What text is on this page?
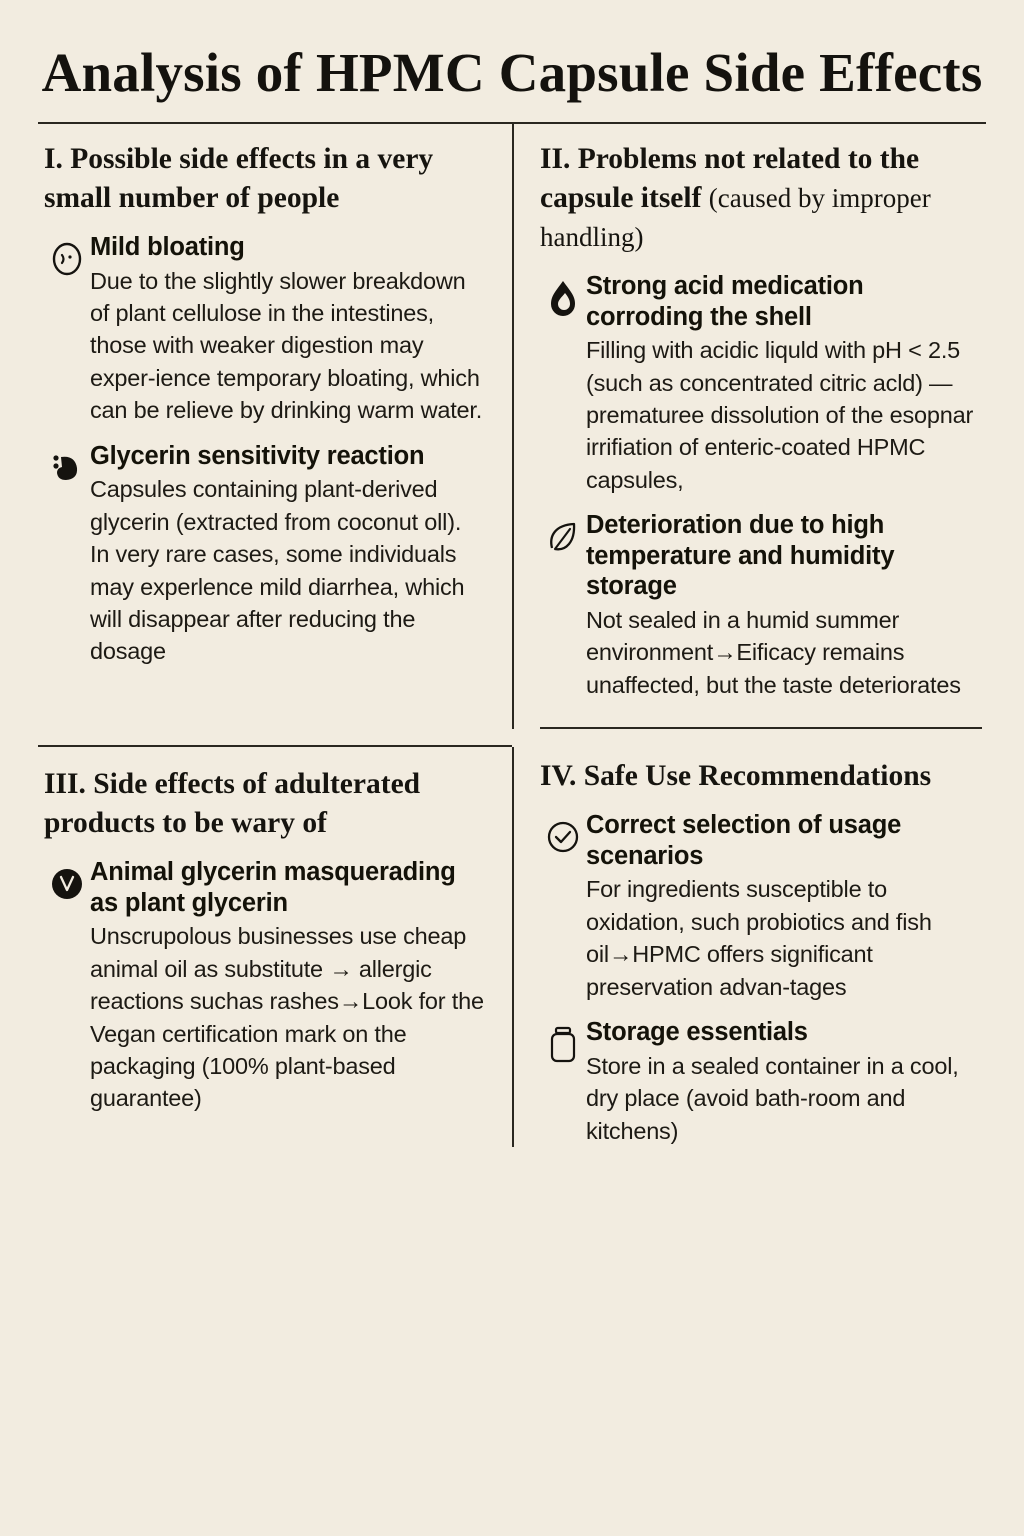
Analysis of HPMC Capsule Side Effects
I. Possible side effects in a very small number of people
Mild bloating

Due to the slightly slower breakdown of plant cellulose in the intestines, those with weaker digestion may exper-ience temporary bloating, which can be relieve by drinking warm water.

Glycerin sensitivity reaction

Capsules containing plant-derived glycerin (extracted from coconut oll). In very rare cases, some individuals may experlence mild diarrhea, which will disappear after reducing the dosage

II. Problems not related to the capsule itself (caused by improper handling)
Strong acid medication corroding the shell

Filling with acidic liquld with pH < 2.5 (such as concentrated citric acld) — prematuree dissolution of the esopnar irrifiation of enteric-coated HPMC capsules,

Deterioration due to high temperature and humidity storage

Not sealed in a humid summer environment→Eificacy remains unaffected, but the taste deteriorates

III. Side effects of adulterated products to be wary of
Animal glycerin masquerading as plant glycerin

Unscrupolous businesses use cheap animal oil as substitute → allergic reactions suchas rashes→Look for the Vegan certification mark on the packaging (100% plant-based guarantee)

IV. Safe Use Recommendations
Correct selection of usage scenarios

For ingredients susceptible to oxidation, such probiotics and fish oil→HPMC offers significant preservation advan-tages

Storage essentials

Store in a sealed container in a cool, dry place (avoid bath-room and kitchens)
